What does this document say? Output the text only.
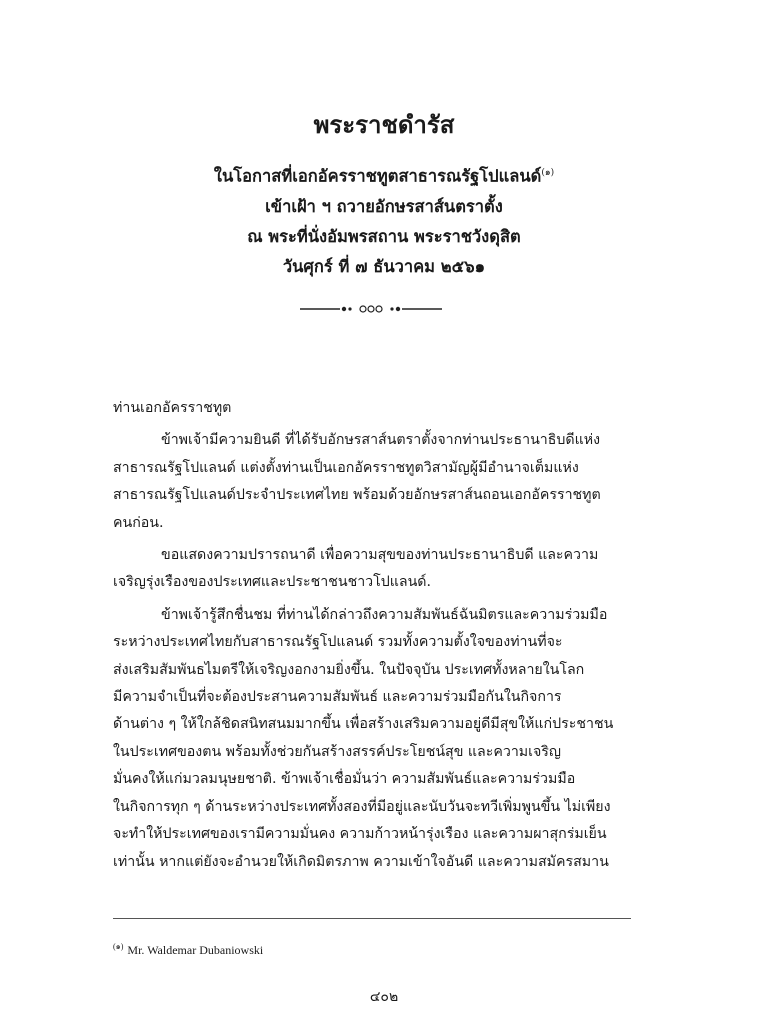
พระราชดำรัส
ในโอกาสที่เอกอัครราชทูตสาธารณรัฐโปแลนด์$^{(๑)}$
เข้าเฝ้า ฯ ถวายอักษรสาส์นตราตั้ง
ณ พระที่นั่งอัมพรสถาน พระราชวังดุสิต
วันศุกร์ ที่ ๗ ธันวาคม ๒๕๖๑
ท่านเอกอัครราชทูต

ข้าพเจ้ามีความยินดี ที่ได้รับอักษรสาส์นตราตั้งจากท่านประธานาธิบดีแห่ง
สาธารณรัฐโปแลนด์ แต่งตั้งท่านเป็นเอกอัครราชทูตวิสามัญผู้มีอำนาจเต็มแห่ง
สาธารณรัฐโปแลนด์ประจำประเทศไทย พร้อมด้วยอักษรสาส์นถอนเอกอัครราชทูต
คนก่อน.

ขอแสดงความปรารถนาดี เพื่อความสุขของท่านประธานาธิบดี และความ
เจริญรุ่งเรืองของประเทศและประชาชนชาวโปแลนด์.

ข้าพเจ้ารู้สึกชื่นชม ที่ท่านได้กล่าวถึงความสัมพันธ์ฉันมิตรและความร่วมมือ
ระหว่างประเทศไทยกับสาธารณรัฐโปแลนด์ รวมทั้งความตั้งใจของท่านที่จะ
ส่งเสริมสัมพันธไมตรีให้เจริญงอกงามยิ่งขึ้น. ในปัจจุบัน ประเทศทั้งหลายในโลก
มีความจำเป็นที่จะต้องประสานความสัมพันธ์ และความร่วมมือกันในกิจการ
ด้านต่าง ๆ ให้ใกล้ชิดสนิทสนมมากขึ้น เพื่อสร้างเสริมความอยู่ดีมีสุขให้แก่ประชาชน
ในประเทศของตน พร้อมทั้งช่วยกันสร้างสรรค์ประโยชน์สุข และความเจริญ
มั่นคงให้แก่มวลมนุษยชาติ. ข้าพเจ้าเชื่อมั่นว่า ความสัมพันธ์และความร่วมมือ
ในกิจการทุก ๆ ด้านระหว่างประเทศทั้งสองที่มีอยู่และนับวันจะทวีเพิ่มพูนขึ้น ไม่เพียง
จะทำให้ประเทศของเรามีความมั่นคง ความก้าวหน้ารุ่งเรือง และความผาสุกร่มเย็น
เท่านั้น หากแต่ยังจะอำนวยให้เกิดมิตรภาพ ความเข้าใจอันดี และความสมัครสมาน

$^{(๑)}$ Mr. Waldemar Dubaniowski
๔๐๒
